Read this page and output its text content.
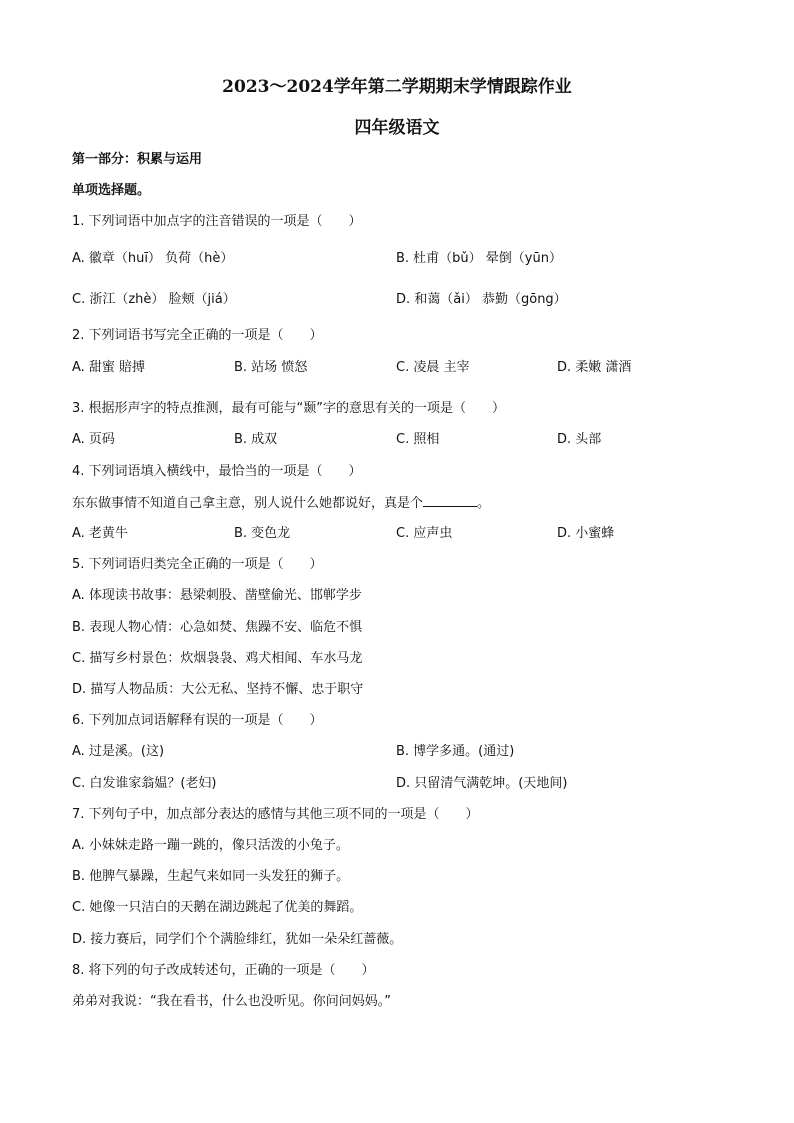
2023～2024学年第二学期期末学情跟踪作业
四年级语文
第一部分：积累与运用
单项选择题。
1. 下列词语中加点字的注音错误的一项是（　　）
A. 徽章（huī） 负荷（hè）	B. 杜甫（bǔ） 晕倒（yūn）
C. 浙江（zhè） 脸颊（jiá）	D. 和蔼（ǎi） 恭勤（gōng）
2. 下列词语书写完全正确的一项是（　　）
A. 甜蜜 賠搏	B. 站场 愤怒	C. 凌晨 主宰	D. 柔嫩 潇酒
3. 根据形声字的特点推测，最有可能与“颞”字的意思有关的一项是（　　）
A. 页码	B. 成双	C. 照相	D. 头部
4. 下列词语填入横线中，最恰当的一项是（　　）
东东做事情不知道自己拿主意，别人说什么她都说好，真是个	。
A. 老黄牛	B. 变色龙	C. 应声虫	D. 小蜜蜂
5. 下列词语归类完全正确的一项是（　　）
A. 体现读书故事：悬梁刺股、凿壁偷光、邯郸学步
B. 表现人物心情：心急如焚、焦躁不安、临危不惧
C. 描写乡村景色：炊烟袅袅、鸡犬相闻、车水马龙
D. 描写人物品质：大公无私、坚持不懈、忠于职守
6. 下列加点词语解释有误的一项是（　　）
A. 过是溪。(这)	B. 博学多通。(通过)
C. 白发谁家翁媪？(老妇)	D. 只留清气满乾坤。(天地间)
7. 下列句子中，加点部分表达的感情与其他三项不同的一项是（　　）
A. 小妹妹走路一蹦一跳的，像只活泼的小兔子。
B. 他脾气暴躁，生起气来如同一头发狂的狮子。
C. 她像一只洁白的天鹅在湖边跳起了优美的舞蹈。
D. 接力赛后，同学们个个满脸绯红，犹如一朵朵红蔷薇。
8. 将下列的句子改成转述句，正确的一项是（　　）
弟弟对我说：“我在看书，什么也没听见。你问问妈妈。”
